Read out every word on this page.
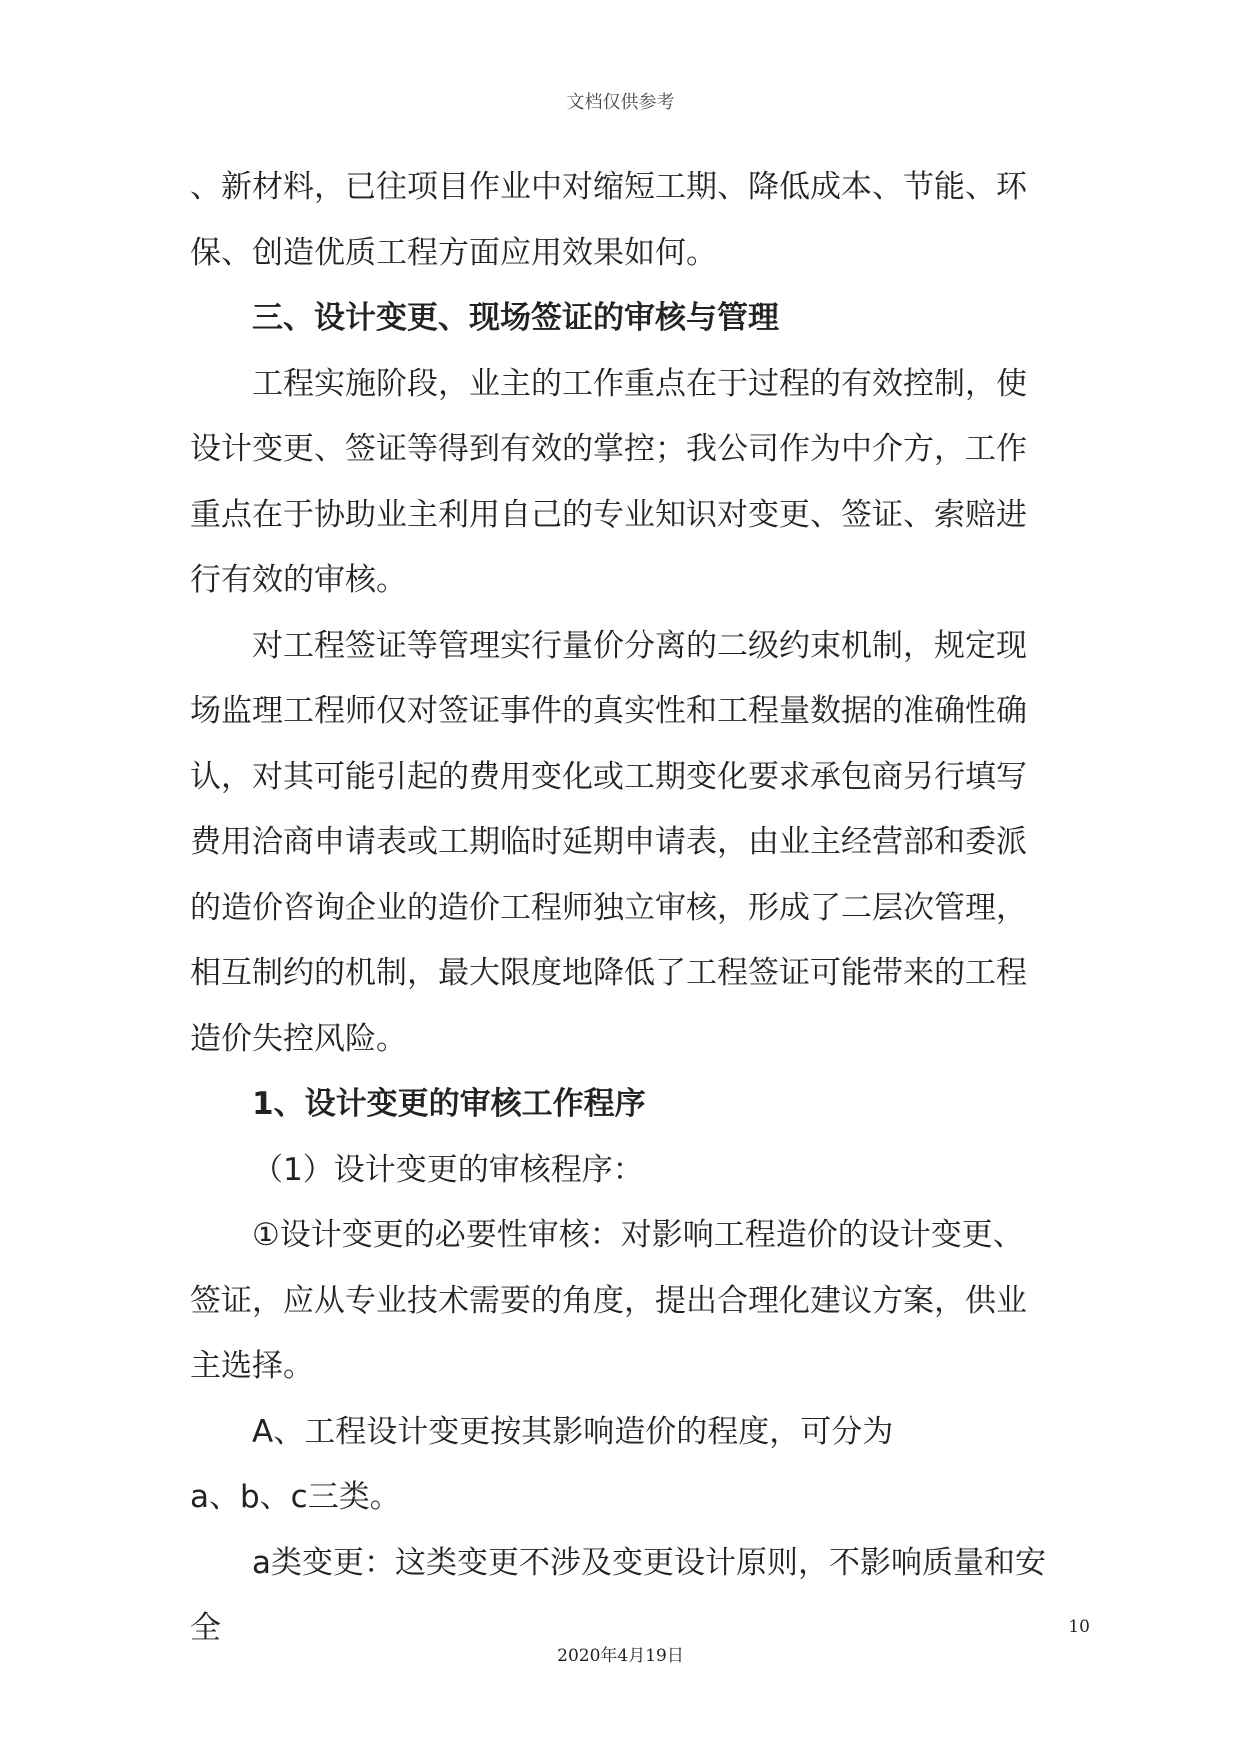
文档仅供参考

、新材料，已往项目作业中对缩短工期、降低成本、节能、环保、创造优质工程方面应用效果如何。

三、设计变更、现场签证的审核与管理

工程实施阶段，业主的工作重点在于过程的有效控制，使设计变更、签证等得到有效的掌控；我公司作为中介方，工作重点在于协助业主利用自己的专业知识对变更、签证、索赔进行有效的审核。

对工程签证等管理实行量价分离的二级约束机制，规定现场监理工程师仅对签证事件的真实性和工程量数据的准确性确认，对其可能引起的费用变化或工期变化要求承包商另行填写费用洽商申请表或工期临时延期申请表，由业主经营部和委派的造价咨询企业的造价工程师独立审核，形成了二层次管理，相互制约的机制，最大限度地降低了工程签证可能带来的工程造价失控风险。

1、设计变更的审核工作程序

（1）设计变更的审核程序：

①设计变更的必要性审核：对影响工程造价的设计变更、签证，应从专业技术需要的角度，提出合理化建议方案，供业主选择。

A、工程设计变更按其影响造价的程度，可分为

a、b、c三类。

a类变更：这类变更不涉及变更设计原则，不影响质量和安全	10
2020年4月19日
